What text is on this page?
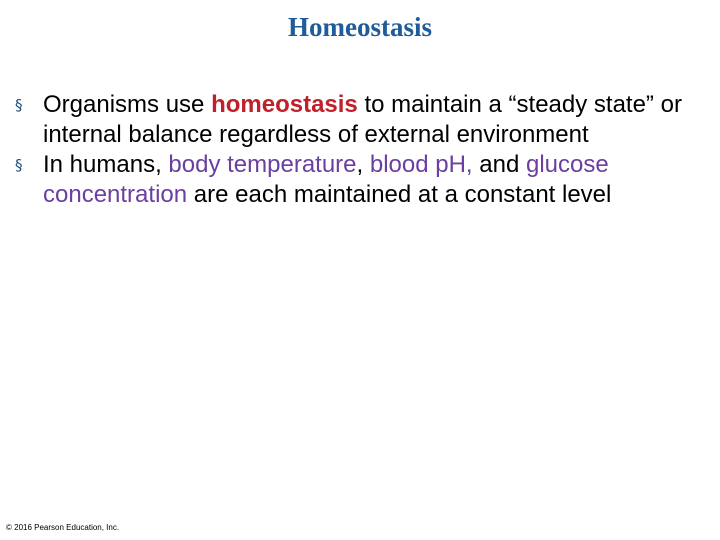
Homeostasis
§ Organisms use homeostasis to maintain a “steady state” or internal balance regardless of external environment
§ In humans, body temperature, blood pH, and glucose concentration are each maintained at a constant level
© 2016 Pearson Education, Inc.
